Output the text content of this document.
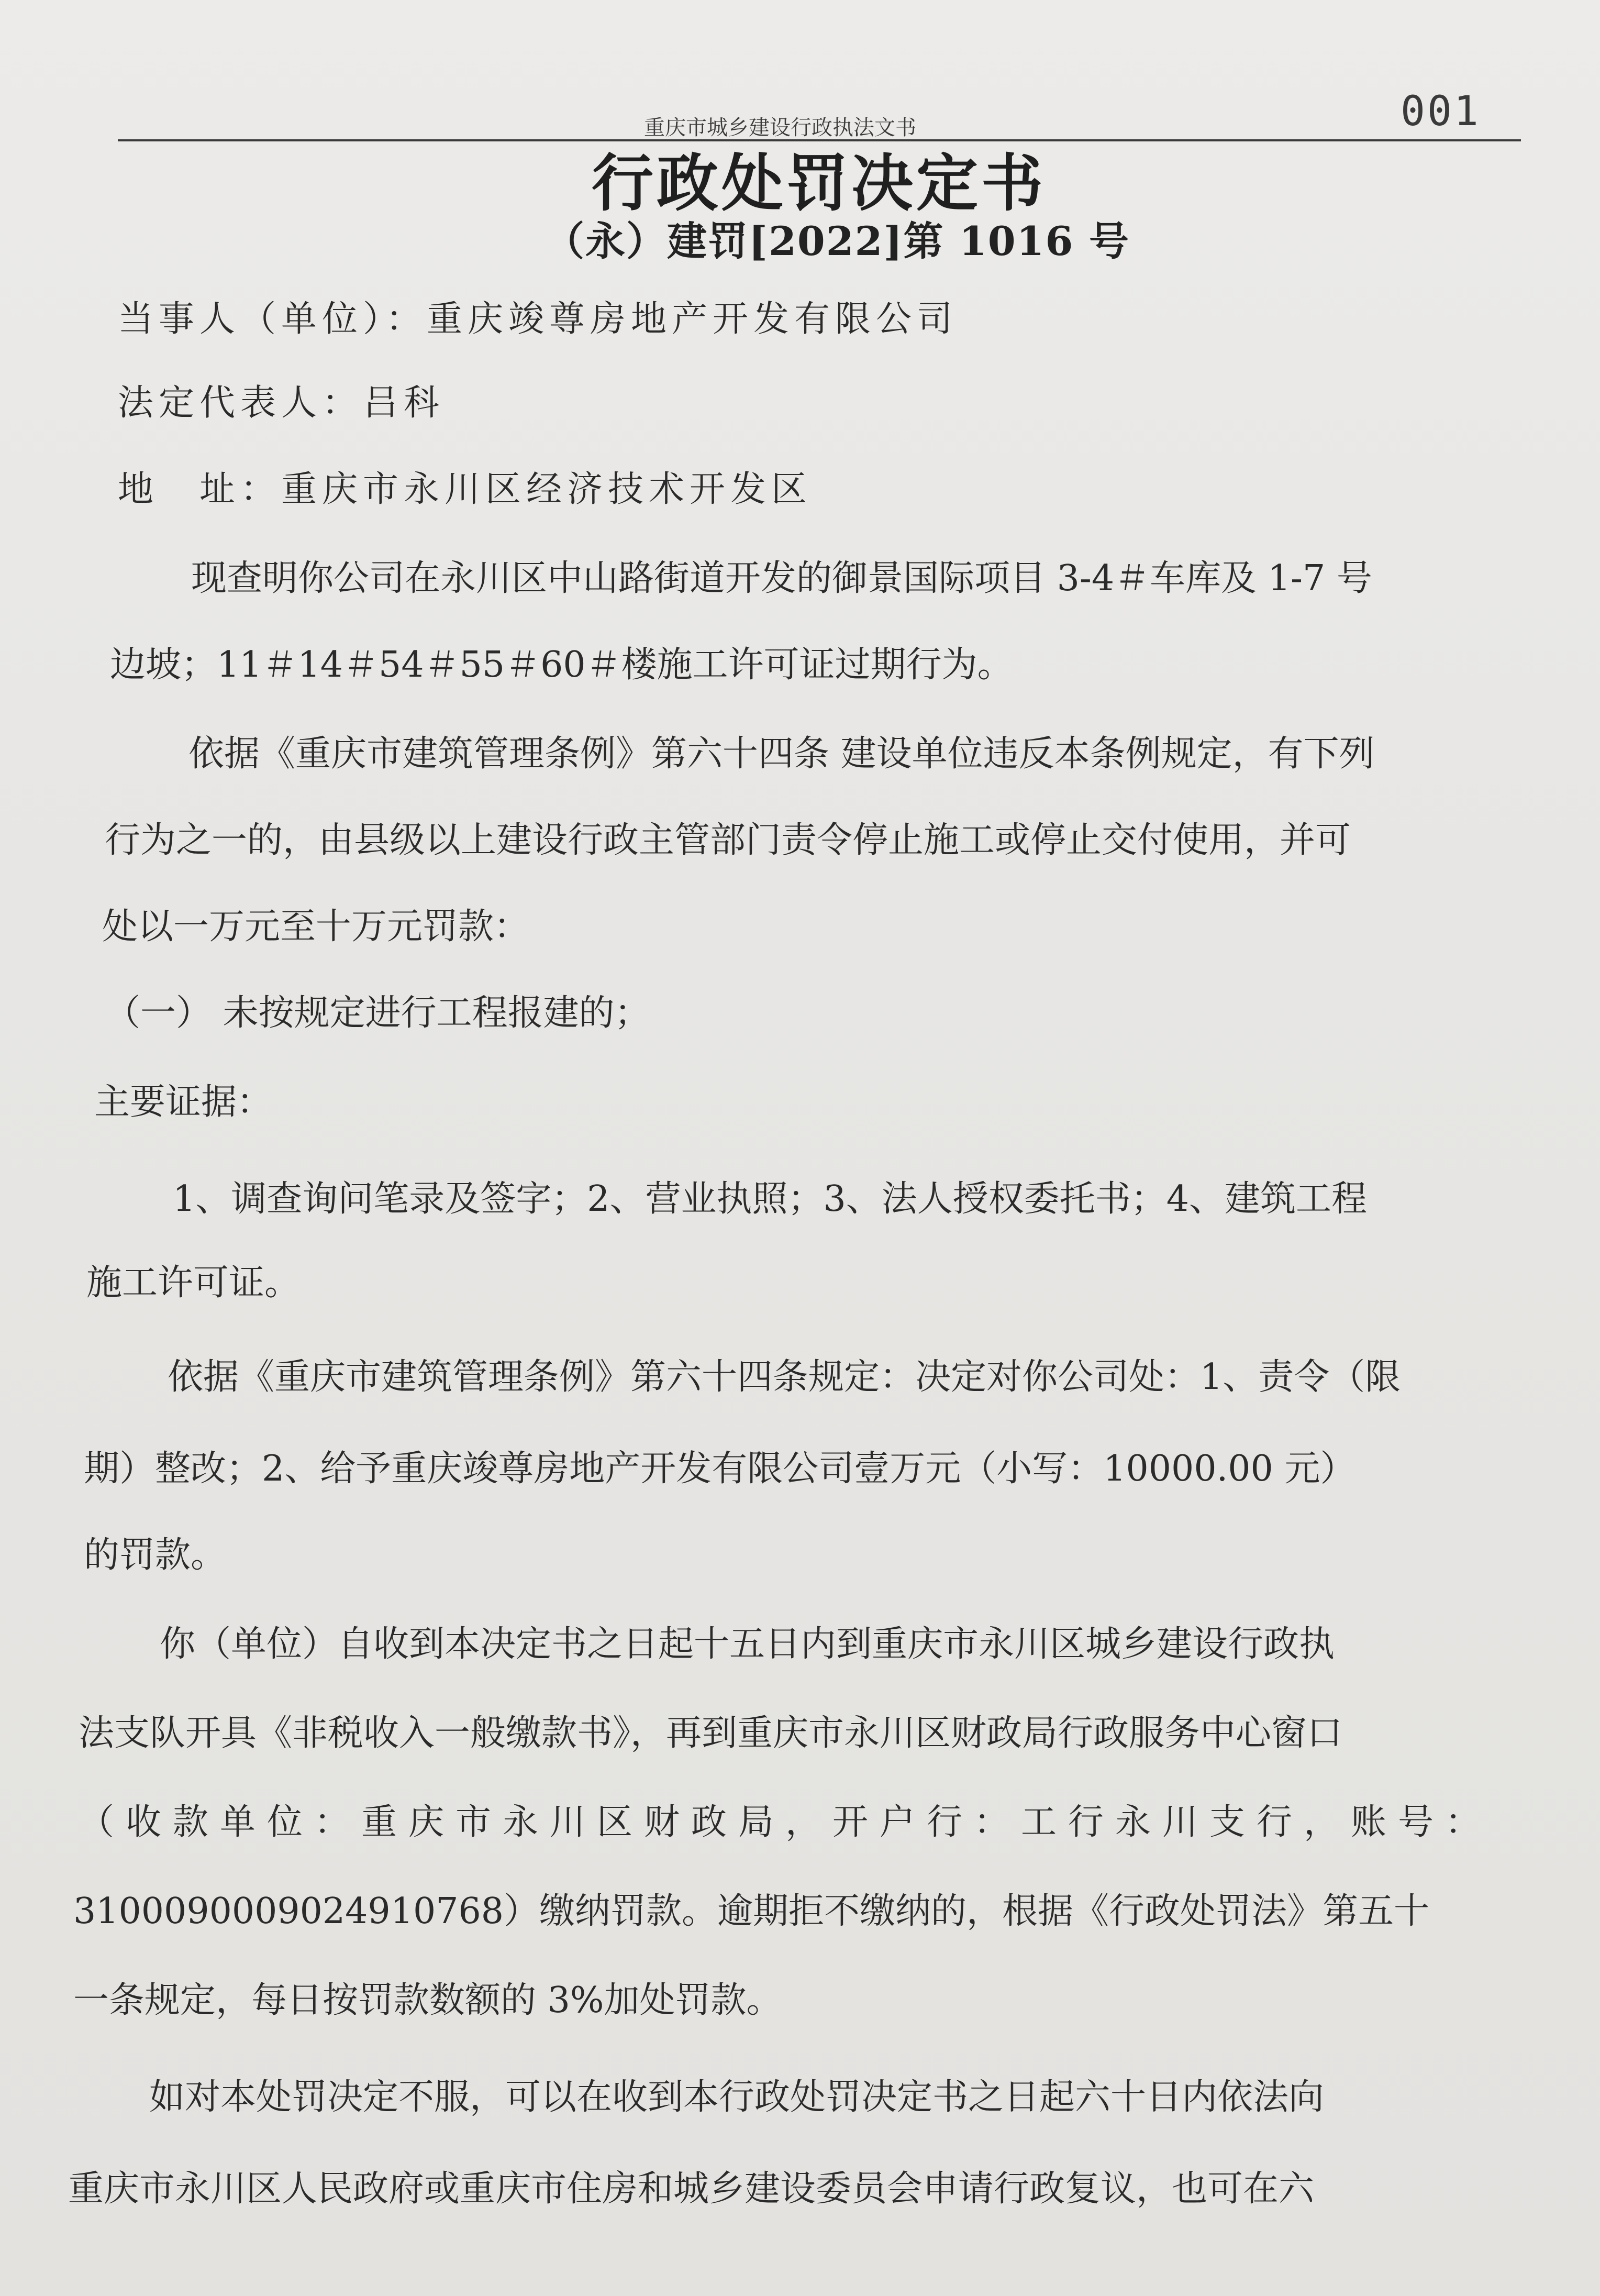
重庆市城乡建设行政执法文书	001
行政处罚决定书
（永）建罚[2022]第 1016 号
当事人（单位）：重庆竣尊房地产开发有限公司
法定代表人：吕科
地　址：重庆市永川区经济技术开发区
现查明你公司在永川区中山路街道开发的御景国际项目 3-4＃车库及 1-7 号
边坡；11＃14＃54＃55＃60＃楼施工许可证过期行为。
依据《重庆市建筑管理条例》第六十四条 建设单位违反本条例规定，有下列
行为之一的，由县级以上建设行政主管部门责令停止施工或停止交付使用，并可
处以一万元至十万元罚款：
（一） 未按规定进行工程报建的；
主要证据：
1、调查询问笔录及签字；2、营业执照；3、法人授权委托书；4、建筑工程
施工许可证。
依据《重庆市建筑管理条例》第六十四条规定：决定对你公司处：1、责令（限
期）整改；2、给予重庆竣尊房地产开发有限公司壹万元（小写：10000.00 元）
的罚款。
你（单位）自收到本决定书之日起十五日内到重庆市永川区城乡建设行政执
法支队开具《非税收入一般缴款书》，再到重庆市永川区财政局行政服务中心窗口
（收款单位：重庆市永川区财政局，开户行：工行永川支行，账号：
3100090009024910768）缴纳罚款。逾期拒不缴纳的，根据《行政处罚法》第五十
一条规定，每日按罚款数额的 3%加处罚款。
如对本处罚决定不服，可以在收到本行政处罚决定书之日起六十日内依法向
重庆市永川区人民政府或重庆市住房和城乡建设委员会申请行政复议，也可在六
